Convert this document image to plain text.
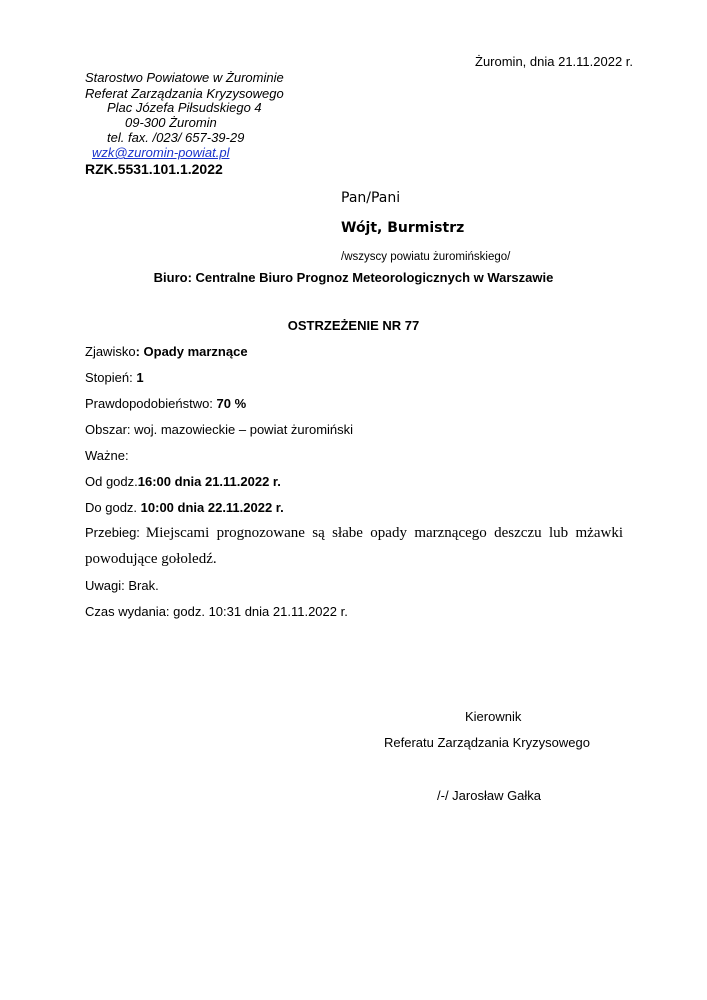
Żuromin, dnia 21.11.2022 r.
Starostwo Powiatowe w Żurominie
Referat Zarządzania Kryzysowego
Plac Józefa Piłsudskiego 4
09-300 Żuromin
tel. fax. /023/ 657-39-29
wzk@zuromin-powiat.pl
RZK.5531.101.1.2022
Pan/Pani
Wójt, Burmistrz
/wszyscy powiatu żuromińskiego/
Biuro: Centralne Biuro Prognoz Meteorologicznych w Warszawie
OSTRZEŻENIE NR 77
Zjawisko: Opady marznące
Stopień: 1
Prawdopodobieństwo: 70 %
Obszar: woj. mazowieckie – powiat żuromiński
Ważne:
Od godz.16:00 dnia 21.11.2022 r.
Do godz. 10:00 dnia 22.11.2022 r.
Przebieg: Miejscami prognozowane są słabe opady marznącego deszczu lub mżawki
powodujące gołoledź.
Uwagi: Brak.
Czas wydania: godz. 10:31 dnia 21.11.2022 r.
Kierownik
Referatu Zarządzania Kryzysowego
/-/ Jarosław Gałka
